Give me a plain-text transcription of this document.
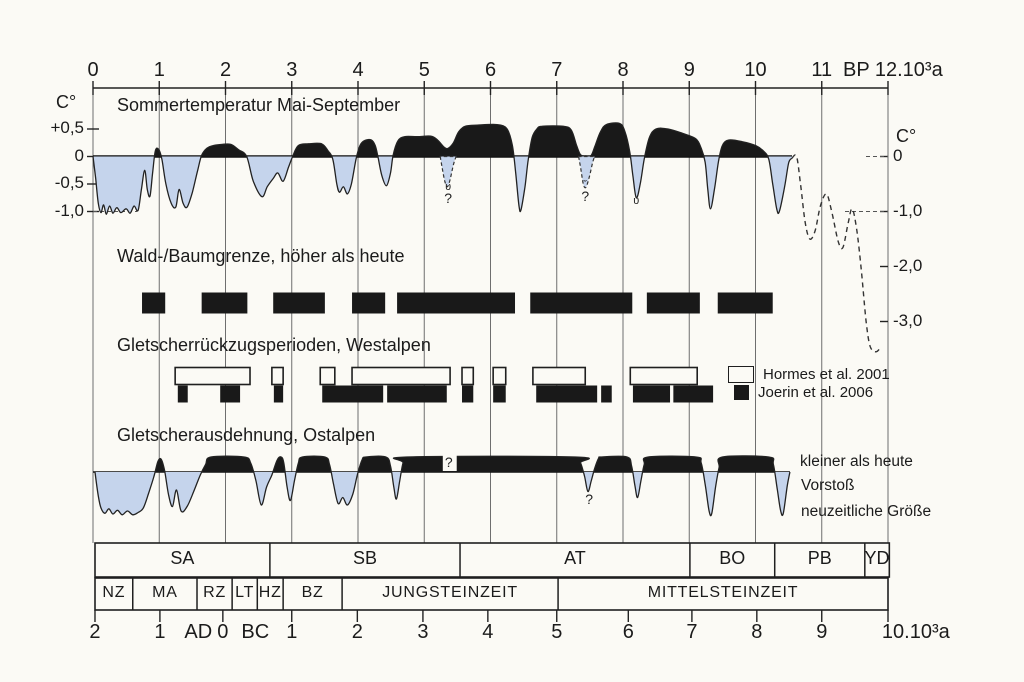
Sommertemperatur Mai-September
Wald-/Baumgrenze, höher als heute
Gletscherrückzugsperioden, Westalpen
Gletscherausdehnung, Ostalpen
C°
C°
BP 12.10³a
Hormes et al. 2001
Joerin et al. 2006
kleiner als heute
Vorstoß
neuzeitliche Größe
0	1	2	3	4	5	6	7	8	9 10 11
+0,5
0
-0,5
-1,0
0
-1,0
-2,0
-3,0
υ
?
ˇ
?	υ
?
?
SA	SB	AT	BO	PB YD
NZ MA RZ LT HZ BZ	JUNGSTEINZEIT	MITTELSTEINZEIT
2	1 AD 0 BC 1	2	3	4	5	6	7	8	9	10.10³a
